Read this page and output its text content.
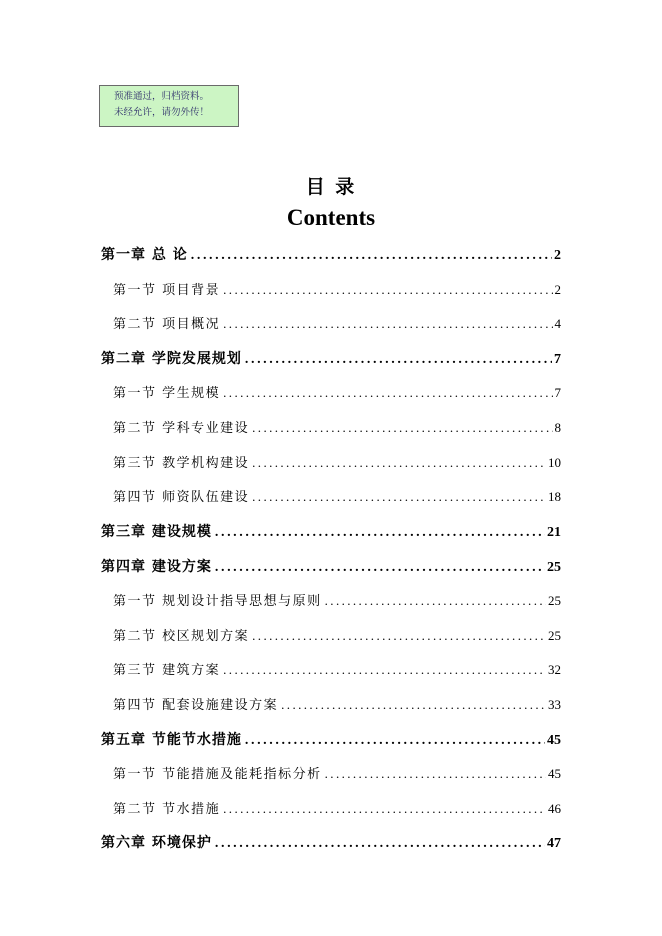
预准通过，归档资料。
未经允许，请勿外传！
目 录
Contents
第一章 总 论 .....	2
第一节 项目背景 .....	2
第二节 项目概况 .....	4
第二章 学院发展规划 .....	7
第一节 学生规模 .....	7
第二节 学科专业建设 .....	8
第三节 教学机构建设 .....	10
第四节 师资队伍建设 .....	18
第三章 建设规模 .....	21
第四章 建设方案 .....	25
第一节 规划设计指导思想与原则 .....	25
第二节 校区规划方案 .....	25
第三节 建筑方案 .....	32
第四节 配套设施建设方案 .....	33
第五章 节能节水措施 .....	45
第一节 节能措施及能耗指标分析 .....	45
第二节 节水措施 .....	46
第六章 环境保护 .....	47
